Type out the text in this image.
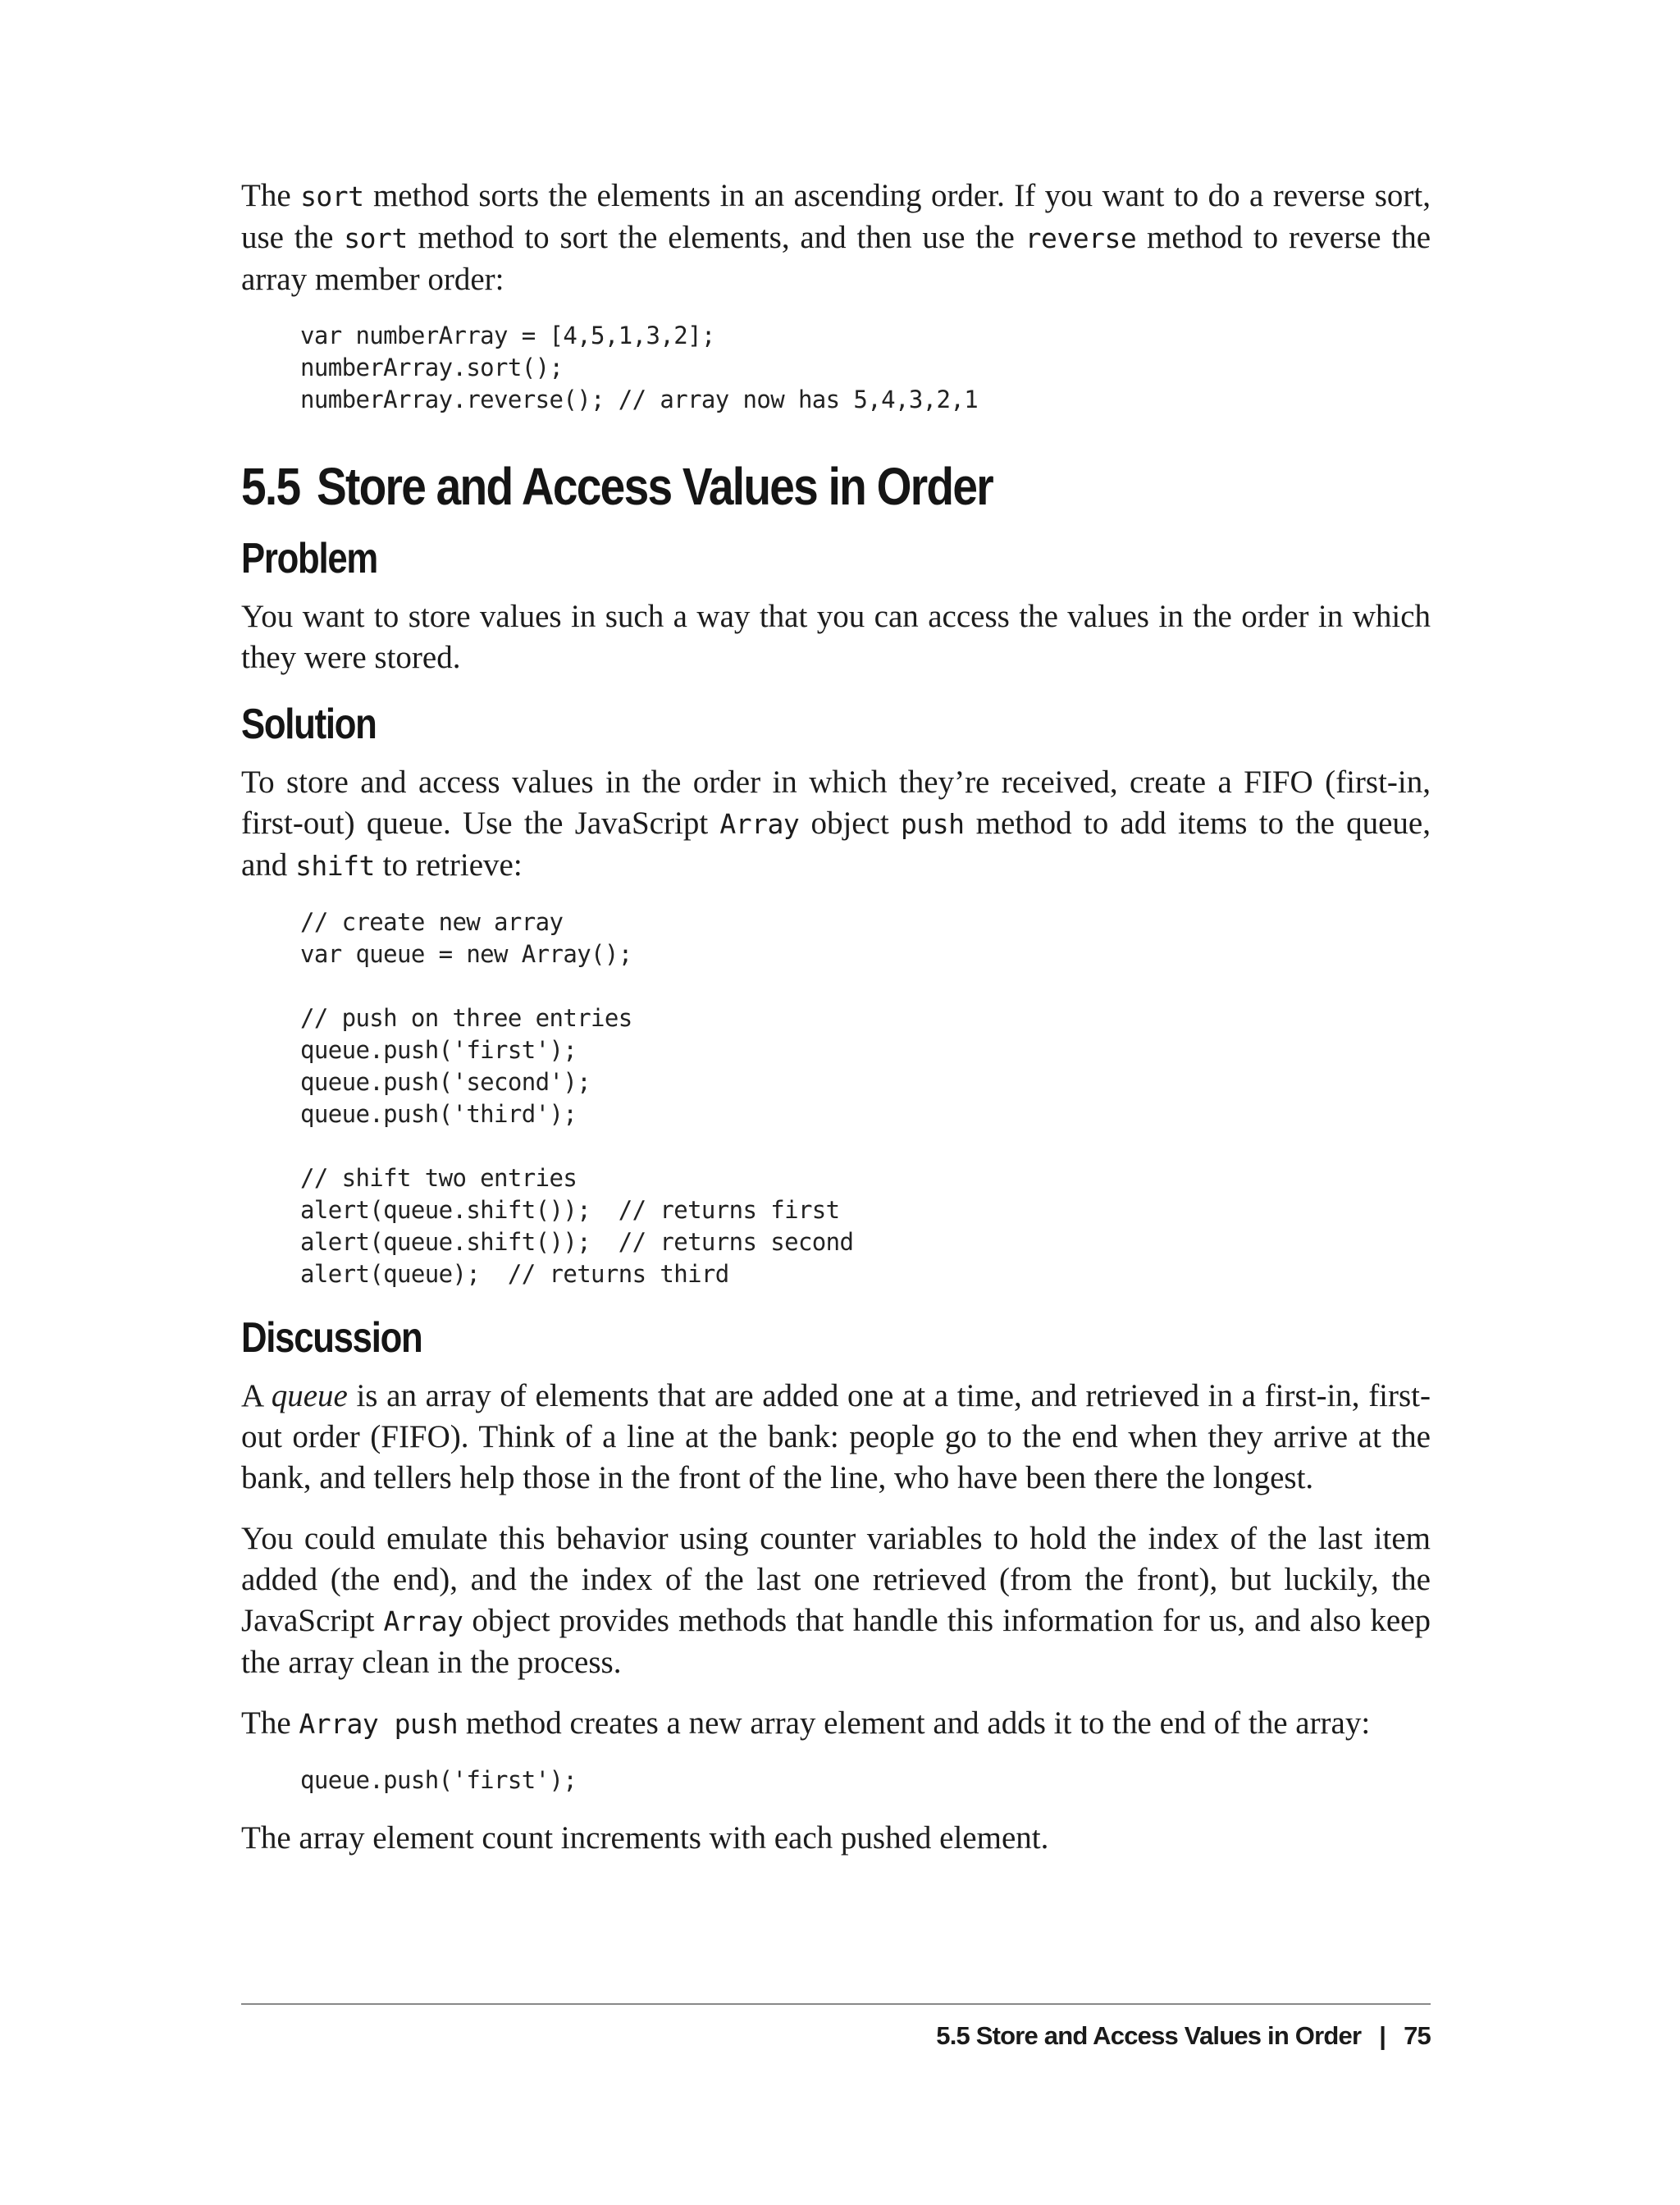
The sort method sorts the elements in an ascending order. If you want to do a reverse sort, use the sort method to sort the elements, and then use the reverse method to reverse the array member order:

var numberArray = [4,5,1,3,2];
numberArray.sort();
numberArray.reverse(); // array now has 5,4,3,2,1
5.5 Store and Access Values in Order
Problem

You want to store values in such a way that you can access the values in the order in which they were stored.

Solution

To store and access values in the order in which they’re received, create a FIFO (first-in, first-out) queue. Use the JavaScript Array object push method to add items to the queue, and shift to retrieve:

// create new array
var queue = new Array();

// push on three entries
queue.push('first');
queue.push('second');
queue.push('third');

// shift two entries
alert(queue.shift());  // returns first
alert(queue.shift());  // returns second
alert(queue);  // returns third
Discussion

A queue is an array of elements that are added one at a time, and retrieved in a first-in, first-out order (FIFO). Think of a line at the bank: people go to the end when they arrive at the bank, and tellers help those in the front of the line, who have been there the longest.

You could emulate this behavior using counter variables to hold the index of the last item added (the end), and the index of the last one retrieved (from the front), but luckily, the JavaScript Array object provides methods that handle this information for us, and also keep the array clean in the process.

The Array push method creates a new array element and adds it to the end of the array:

queue.push('first');

The array element count increments with each pushed element.

5.5 Store and Access Values in Order | 75
